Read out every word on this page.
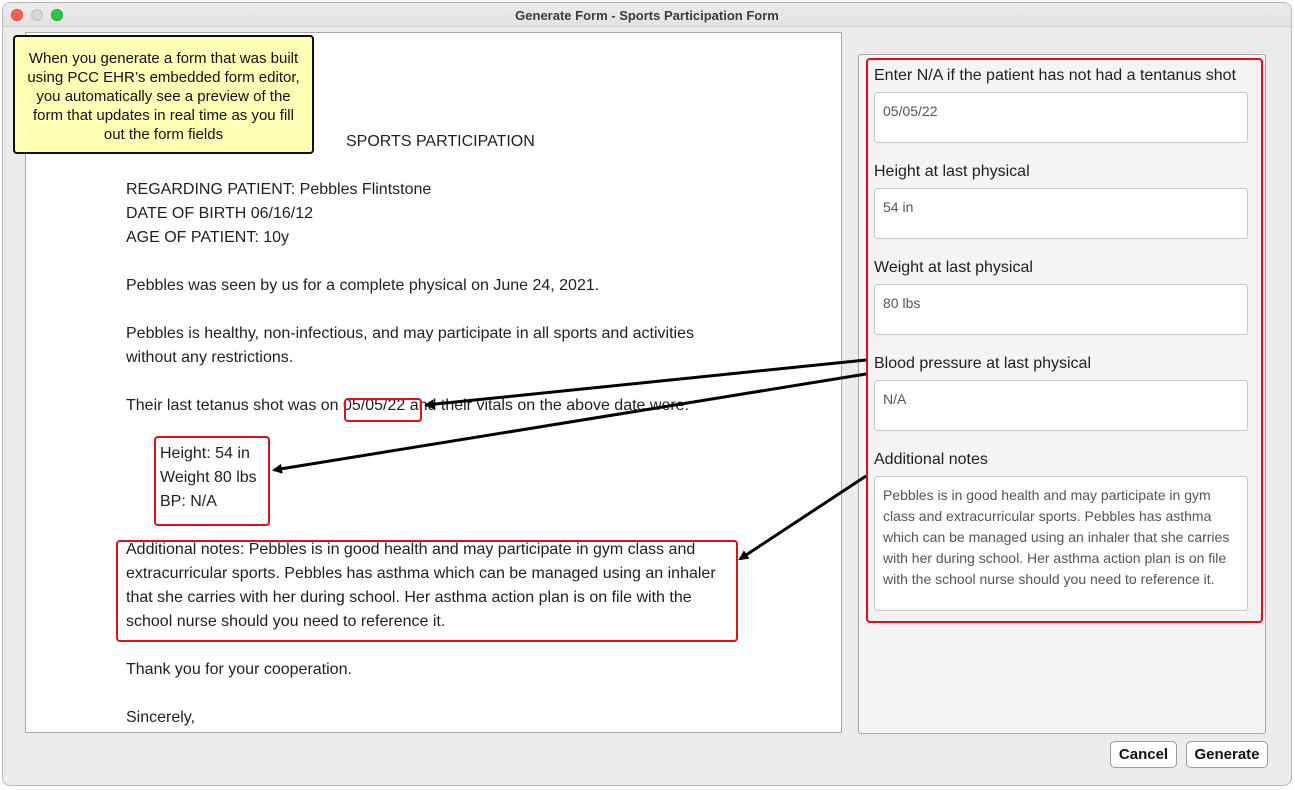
Generate Form - Sports Participation Form
SPORTS PARTICIPATION
REGARDING PATIENT: Pebbles Flintstone
DATE OF BIRTH 06/16/12
AGE OF PATIENT: 10y
Pebbles was seen by us for a complete physical on June 24, 2021.
Pebbles is healthy, non-infectious, and may participate in all sports and activities
without any restrictions.
Their last tetanus shot was on 05/05/22 and their vitals on the above date were:
Height: 54 in
Weight 80 lbs
BP: N/A
Additional notes: Pebbles is in good health and may participate in gym class and
extracurricular sports. Pebbles has asthma which can be managed using an inhaler
that she carries with her during school. Her asthma action plan is on file with the
school nurse should you need to reference it.
Thank you for your cooperation.
Sincerely,
When you generate a form that was built using PCC EHR’s embedded form editor, you automatically see a preview of the form that updates in real time as you fill out the form fields
Enter N/A if the patient has not had a tentanus shot
05/05/22
Height at last physical
54 in
Weight at last physical
80 lbs
Blood pressure at last physical
N/A
Additional notes
Pebbles is in good health and may participate in gym class and extracurricular sports. Pebbles has asthma which can be managed using an inhaler that she carries with her during school. Her asthma action plan is on file with the school nurse should you need to reference it.
Cancel	Generate
